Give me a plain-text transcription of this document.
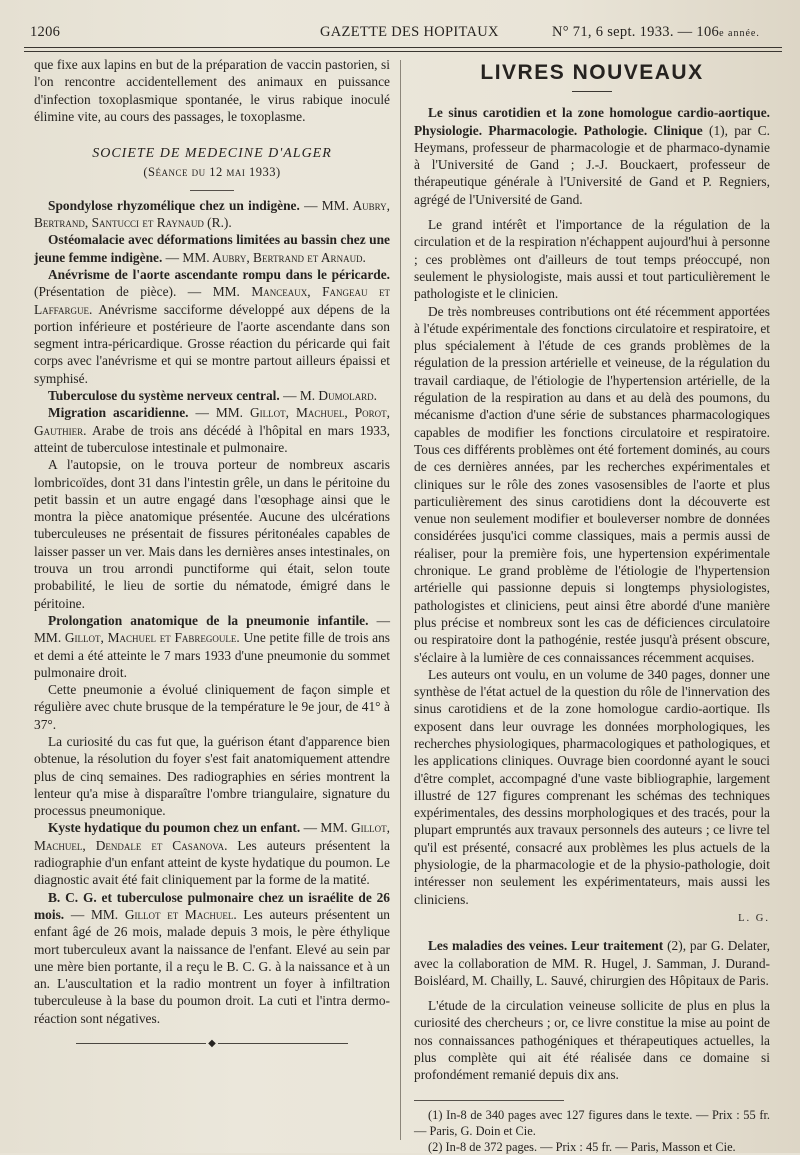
1206	GAZETTE DES HOPITAUX	N° 71, 6 sept. 1933. — 106e année.

que fixe aux lapins en but de la préparation de vaccin pastorien, si l'on rencontre accidentellement des animaux en puissance d'infection toxoplasmique spontanée, le virus rabique inoculé élimine vite, au cours des passages, le toxoplasme.

SOCIETE DE MEDECINE D'ALGER
(Séance du 12 mai 1933)

Spondylose rhyzomélique chez un indigène. — MM. Aubry, Bertrand, Santucci et Raynaud (R.).

Ostéomalacie avec déformations limitées au bassin chez une jeune femme indigène. — MM. Aubry, Bertrand et Arnaud.

Anévrisme de l'aorte ascendante rompu dans le péricarde. (Présentation de pièce). — MM. Manceaux, Fangeau et Laffargue. Anévrisme sacciforme développé aux dépens de la portion inférieure et postérieure de l'aorte ascendante dans son segment intra-péricardique. Grosse réaction du péricarde qui fait corps avec l'anévrisme et qui se montre partout ailleurs épaissi et symphisé.

Tuberculose du système nerveux central. — M. Dumolard.

Migration ascaridienne. — MM. Gillot, Machuel, Porot, Gauthier. Arabe de trois ans décédé à l'hôpital en mars 1933, atteint de tuberculose intestinale et pulmonaire.

A l'autopsie, on le trouva porteur de nombreux ascaris lombricoïdes, dont 31 dans l'intestin grêle, un dans le péritoine du petit bassin et un autre engagé dans l'œsophage ainsi que le montra la pièce anatomique présentée. Aucune des ulcérations tuberculeuses ne présentait de fissures péritonéales capables de laisser passer un ver. Mais dans les dernières anses intestinales, on trouva un trou arrondi punctiforme qui était, selon toute probabilité, le lieu de sortie du nématode, émigré dans le péritoine.

Prolongation anatomique de la pneumonie infantile. — MM. Gillot, Machuel et Fabregoule. Une petite fille de trois ans et demi a été atteinte le 7 mars 1933 d'une pneumonie du sommet pulmonaire droit.

Cette pneumonie a évolué cliniquement de façon simple et régulière avec chute brusque de la température le 9e jour, de 41° à 37°.

La curiosité du cas fut que, la guérison étant d'apparence bien obtenue, la résolution du foyer s'est fait anatomiquement attendre plus de cinq semaines. Des radiographies en séries montrent la lenteur qu'a mise à disparaître l'ombre triangulaire, signature du processus pneumonique.

Kyste hydatique du poumon chez un enfant. — MM. Gillot, Machuel, Dendale et Casanova. Les auteurs présentent la radiographie d'un enfant atteint de kyste hydatique du poumon. Le diagnostic avait été fait cliniquement par la forme de la matité.

B. C. G. et tuberculose pulmonaire chez un israélite de 26 mois. — MM. Gillot et Machuel. Les auteurs présentent un enfant âgé de 26 mois, malade depuis 3 mois, le père éthylique mort tuberculeux avant la naissance de l'enfant. Elevé au sein par une mère bien portante, il a reçu le B. C. G. à la naissance et à un an. L'auscultation et la radio montrent un foyer à infiltration tuberculeuse à la base du poumon droit. La cuti et l'intra dermo-réaction sont négatives.

◆
LIVRES NOUVEAUX

Le sinus carotidien et la zone homologue cardio-aortique. Physiologie. Pharmacologie. Pathologie. Clinique (1), par C. Heymans, professeur de pharmacologie et de pharmaco-dynamie à l'Université de Gand ; J.-J. Bouckaert, professeur de thérapeutique générale à l'Université de Gand et P. Regniers, agrégé de l'Université de Gand.

Le grand intérêt et l'importance de la régulation de la circulation et de la respiration n'échappent aujourd'hui à personne ; ces problèmes ont d'ailleurs de tout temps préoccupé, non seulement le physiologiste, mais aussi et tout particulièrement le pathologiste et le clinicien.

De très nombreuses contributions ont été récemment apportées à l'étude expérimentale des fonctions circulatoire et respiratoire, et plus spécialement à l'étude de ces grands problèmes de la régulation de la pression artérielle et veineuse, de la régulation du travail cardiaque, de l'étiologie de l'hypertension artérielle, de la régulation de la respiration au dans et au delà des poumons, du mécanisme d'action d'une série de substances pharmacologiques capables de modifier les fonctions circulatoire et respiratoire. Tous ces différents problèmes ont été fortement dominés, au cours de ces dernières années, par les recherches expérimentales et cliniques sur le rôle des zones vasosensibles de l'aorte et plus particulièrement des sinus carotidiens dont la découverte est venue non seulement modifier et bouleverser nombre de données considérées jusqu'ici comme classiques, mais a permis aussi de réaliser, pour la première fois, une hypertension expérimentale chronique. Le grand problème de l'étiologie de l'hypertension artérielle qui passionne depuis si longtemps physiologistes, pathologistes et cliniciens, peut ainsi être abordé d'une manière plus précise et nombreux sont les cas de déficiences circulatoire ou respiratoire dont la pathogénie, restée jusqu'à présent obscure, s'éclaire à la lumière de ces connaissances récemment acquises.

Les auteurs ont voulu, en un volume de 340 pages, donner une synthèse de l'état actuel de la question du rôle de l'innervation des sinus carotidiens et de la zone homologue cardio-aortique. Ils exposent dans leur ouvrage les données morphologiques, les recherches physiologiques, pharmacologiques et pathologiques, et les applications cliniques. Ouvrage bien coordonné ayant le souci d'être complet, accompagné d'une vaste bibliographie, largement illustré de 127 figures comprenant les schémas des techniques expérimentales, des dessins morphologiques et des tracés, pour la plupart empruntés aux travaux personnels des auteurs ; ce livre tel qu'il est présenté, consacré aux problèmes les plus actuels de la physiologie, de la pharmacologie et de la physio-pathologie, doit intéresser non seulement les expérimentateurs, mais aussi les cliniciens.

L. G.

Les maladies des veines. Leur traitement (2), par G. Delater, avec la collaboration de MM. R. Hugel, J. Samman, J. Durand-Boisléard, M. Chailly, L. Sauvé, chirurgien des Hôpitaux de Paris.

L'étude de la circulation veineuse sollicite de plus en plus la curiosité des chercheurs ; or, ce livre constitue la mise au point de nos connaissances pathogéniques et thérapeutiques actuelles, la plus complète qui ait été réalisée dans ce domaine si profondément remanié depuis dix ans.

(1) In-8 de 340 pages avec 127 figures dans le texte. — Prix : 55 fr. — Paris, G. Doin et Cie.

(2) In-8 de 372 pages. — Prix : 45 fr. — Paris, Masson et Cie.
